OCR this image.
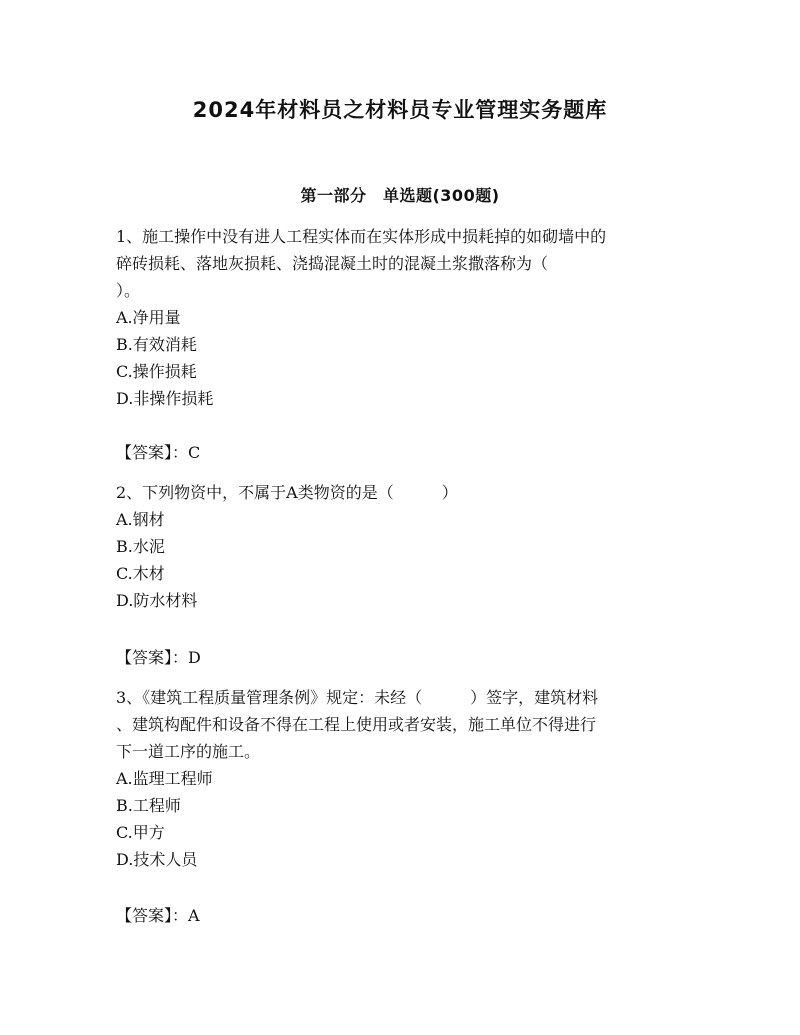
2024年材料员之材料员专业管理实务题库
第一部分　单选题(300题)
1、施工操作中没有进人工程实体而在实体形成中损耗掉的如砌墙中的
碎砖损耗、落地灰损耗、浇捣混凝土时的混凝土浆撒落称为（
）。
A.净用量
B.有效消耗
C.操作损耗
D.非操作损耗
【答案】：C
2、下列物资中，不属于A类物资的是（　　　）
A.钢材
B.水泥
C.木材
D.防水材料
【答案】：D
3、《建筑工程质量管理条例》规定：未经（　　　）签字，建筑材料
、建筑构配件和设备不得在工程上使用或者安装，施工单位不得进行
下一道工序的施工。
A.监理工程师
B.工程师
C.甲方
D.技术人员
【答案】：A
